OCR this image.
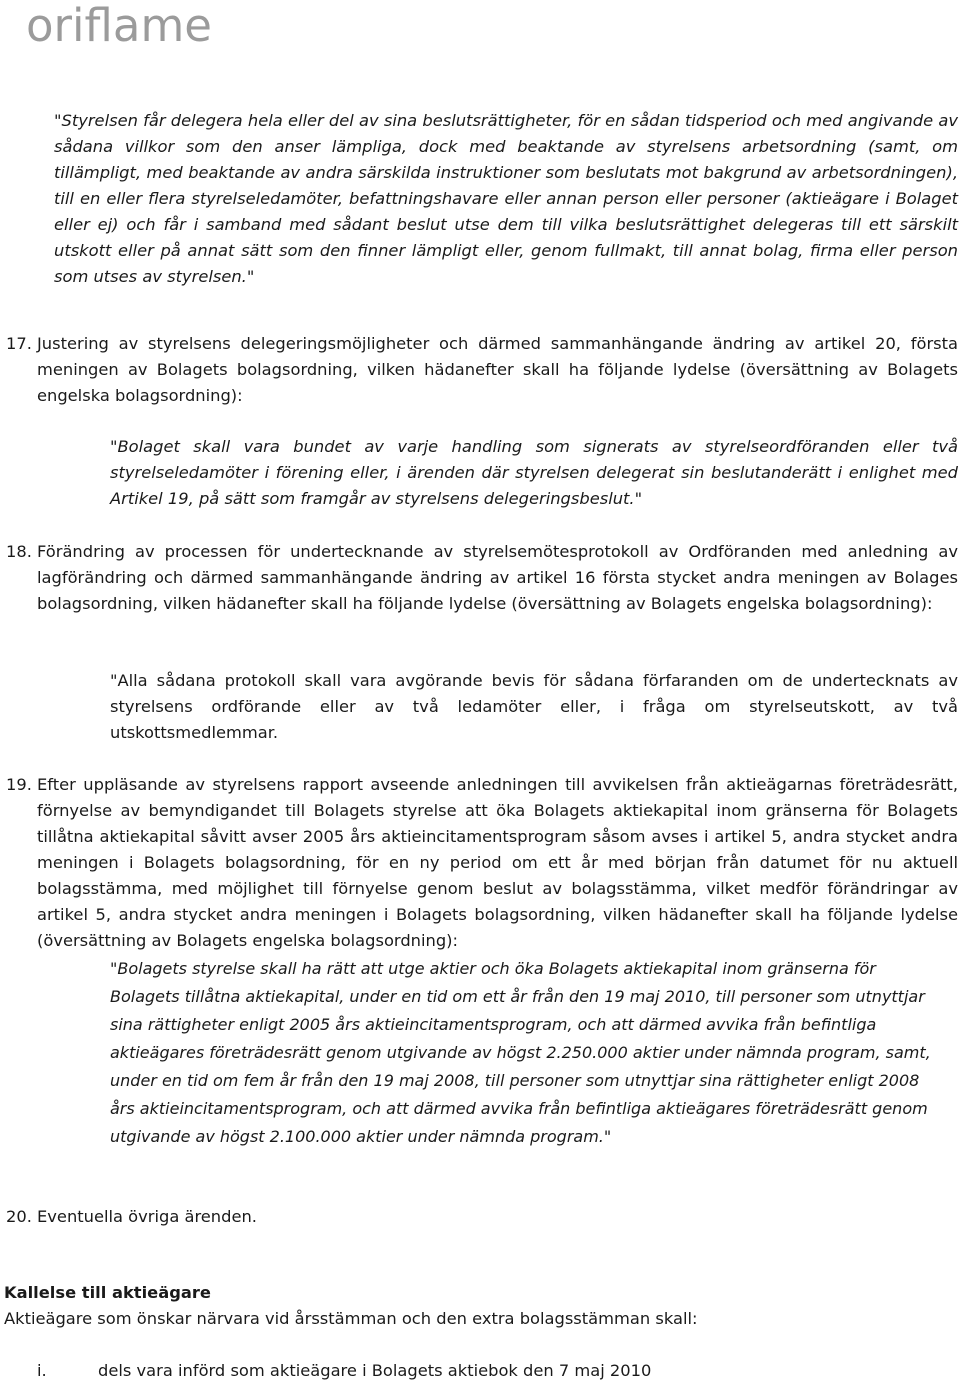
oriflame
"Styrelsen får delegera hela eller del av sina beslutsrättigheter, för en sådan tidsperiod och med angivande av sådana villkor som den anser lämpliga, dock med beaktande av styrelsens arbetsordning (samt, om tillämpligt, med beaktande av andra särskilda instruktioner som beslutats mot bakgrund av arbetsordningen), till en eller flera styrelseledamöter, befattningshavare eller annan person eller personer (aktieägare i Bolaget eller ej) och får i samband med sådant beslut utse dem till vilka beslutsrättighet delegeras till ett särskilt utskott eller på annat sätt som den finner lämpligt eller, genom fullmakt, till annat bolag, firma eller person som utses av styrelsen."
17. Justering av styrelsens delegeringsmöjligheter och därmed sammanhängande ändring av artikel 20, första meningen av Bolagets bolagsordning, vilken hädanefter skall ha följande lydelse (översättning av Bolagets engelska bolagsordning):
"Bolaget skall vara bundet av varje handling som signerats av styrelseordföranden eller två styrelseledamöter i förening eller, i ärenden där styrelsen delegerat sin beslutanderätt i enlighet med Artikel 19, på sätt som framgår av styrelsens delegeringsbeslut."
18. Förändring av processen för undertecknande av styrelsemötesprotokoll av Ordföranden med anledning av lagförändring och därmed sammanhängande ändring av artikel 16 första stycket andra meningen av Bolages bolagsordning, vilken hädanefter skall ha följande lydelse (översättning av Bolagets engelska bolagsordning):
"Alla sådana protokoll skall vara avgörande bevis för sådana förfaranden om de undertecknats av styrelsens ordförande eller av två ledamöter eller, i fråga om styrelseutskott, av två utskottsmedlemmar.
19. Efter uppläsande av styrelsens rapport avseende anledningen till avvikelsen från aktieägarnas företrädesrätt, förnyelse av bemyndigandet till Bolagets styrelse att öka Bolagets aktiekapital inom gränserna för Bolagets tillåtna aktiekapital såvitt avser 2005 års aktieincitamentsprogram såsom avses i artikel 5, andra stycket andra meningen i Bolagets bolagsordning, för en ny period om ett år med början från datumet för nu aktuell bolagsstämma, med möjlighet till förnyelse genom beslut av bolagsstämma, vilket medför förändringar av artikel 5, andra stycket andra meningen i Bolagets bolagsordning, vilken hädanefter skall ha följande lydelse (översättning av Bolagets engelska bolagsordning):
"Bolagets styrelse skall ha rätt att utge aktier och öka Bolagets aktiekapital inom gränserna för
Bolagets tillåtna aktiekapital, under en tid om ett år från den 19 maj 2010, till personer som utnyttjar
sina rättigheter enligt 2005 års aktieincitamentsprogram, och att därmed avvika från befintliga
aktieägares företrädesrätt genom utgivande av högst 2.250.000 aktier under nämnda program, samt,
under en tid om fem år från den 19 maj 2008, till personer som utnyttjar sina rättigheter enligt 2008
års aktieincitamentsprogram, och att därmed avvika från befintliga aktieägares företrädesrätt genom
utgivande av högst 2.100.000 aktier under nämnda program."
20. Eventuella övriga ärenden.
Kallelse till aktieägare
Aktieägare som önskar närvara vid årsstämman och den extra bolagsstämman skall:
i.	dels vara införd som aktieägare i Bolagets aktiebok den 7 maj 2010
